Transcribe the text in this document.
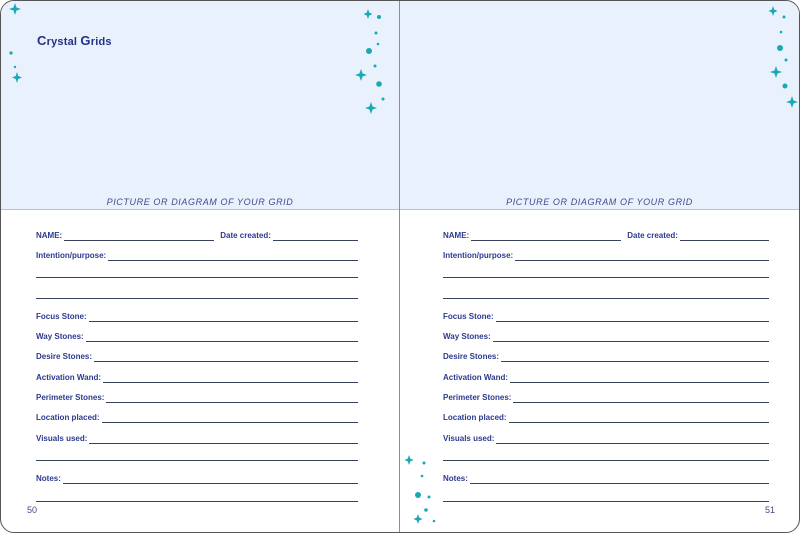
Crystal Grids
PICTURE OR DIAGRAM OF YOUR GRID
NAME:	Date created:
Intention/purpose:
Focus Stone:
Way Stones:
Desire Stones:
Activation Wand:
Perimeter Stones:
Location placed:
Visuals used:
Notes:
50
PICTURE OR DIAGRAM OF YOUR GRID
NAME:	Date created:
Intention/purpose:
Focus Stone:
Way Stones:
Desire Stones:
Activation Wand:
Perimeter Stones:
Location placed:
Visuals used:
Notes:
51
